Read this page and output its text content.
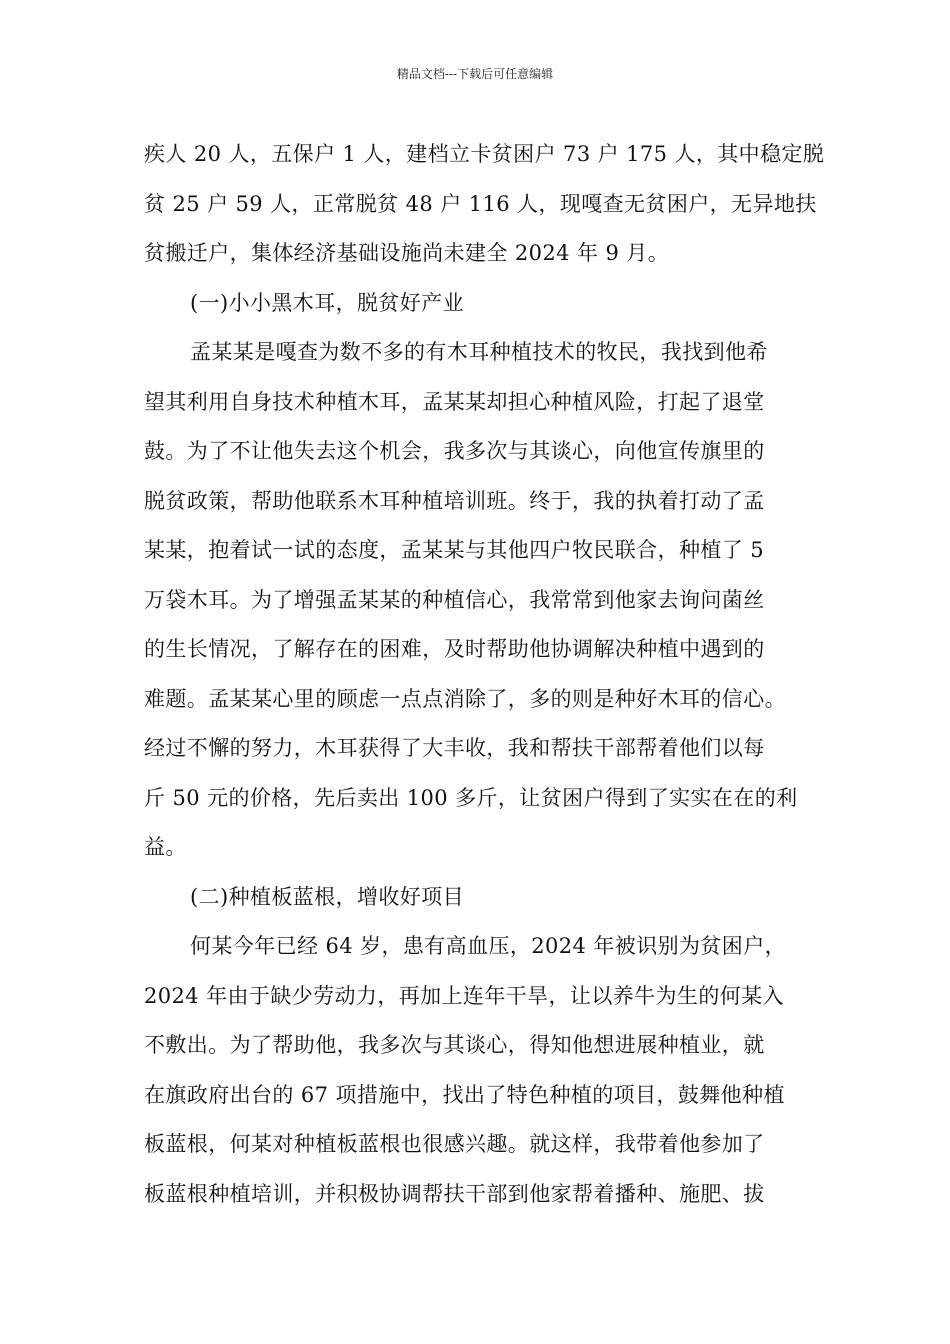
精品文档---下载后可任意编辑
疾人 20 人，五保户 1 人，建档立卡贫困户 73 户 175 人，其中稳定脱
贫 25 户 59 人，正常脱贫 48 户 116 人，现嘎查无贫困户，无异地扶
贫搬迁户，集体经济基础设施尚未建全 2024 年 9 月。
(一)小小黑木耳，脱贫好产业
孟某某是嘎查为数不多的有木耳种植技术的牧民，我找到他希
望其利用自身技术种植木耳，孟某某却担心种植风险，打起了退堂
鼓。为了不让他失去这个机会，我多次与其谈心，向他宣传旗里的
脱贫政策，帮助他联系木耳种植培训班。终于，我的执着打动了孟
某某，抱着试一试的态度，孟某某与其他四户牧民联合，种植了 5
万袋木耳。为了增强孟某某的种植信心，我常常到他家去询问菌丝
的生长情况，了解存在的困难，及时帮助他协调解决种植中遇到的
难题。孟某某心里的顾虑一点点消除了，多的则是种好木耳的信心。
经过不懈的努力，木耳获得了大丰收，我和帮扶干部帮着他们以每
斤 50 元的价格，先后卖出 100 多斤，让贫困户得到了实实在在的利
益。
(二)种植板蓝根，增收好项目
何某今年已经 64 岁，患有高血压，2024 年被识别为贫困户，
2024 年由于缺少劳动力，再加上连年干旱，让以养牛为生的何某入
不敷出。为了帮助他，我多次与其谈心，得知他想进展种植业，就
在旗政府出台的 67 项措施中，找出了特色种植的项目，鼓舞他种植
板蓝根，何某对种植板蓝根也很感兴趣。就这样，我带着他参加了
板蓝根种植培训，并积极协调帮扶干部到他家帮着播种、施肥、拔
